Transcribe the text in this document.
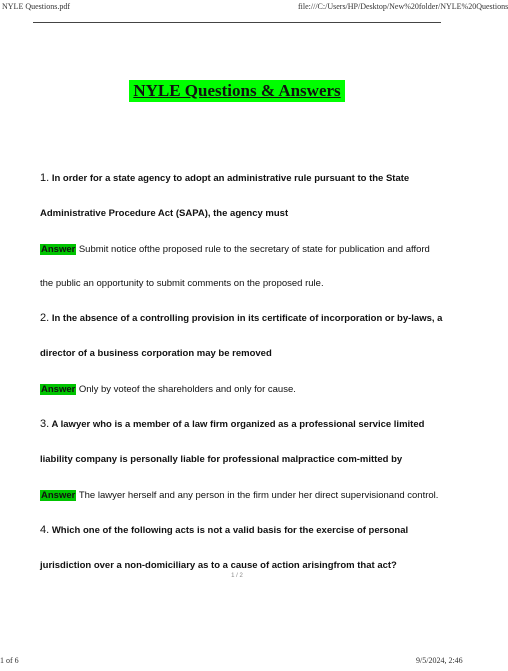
NYLE Questions.pdf	file:///C:/Users/HP/Desktop/New%20folder/NYLE%20Questions
NYLE Questions & Answers
1. In order for a state agency to adopt an administrative rule pursuant to the State
Administrative Procedure Act (SAPA), the agency must
Answer Submit notice ofthe proposed rule to the secretary of state for publication and afford
the public an opportunity to submit comments on the proposed rule.
2. In the absence of a controlling provision in its certificate of incorporation or by-laws, a
director of a business corporation may be removed
Answer Only by voteof the shareholders and only for cause.
3. A lawyer who is a member of a law firm organized as a professional service limited
liability company is personally liable for professional malpractice com-mitted by
Answer The lawyer herself and any person in the firm under her direct supervisionand control.
4. Which one of the following acts is not a valid basis for the exercise of personal
jurisdiction over a non-domiciliary as to a cause of action arisingfrom that act?
1 / 2
1 of 6	9/5/2024, 2:46
